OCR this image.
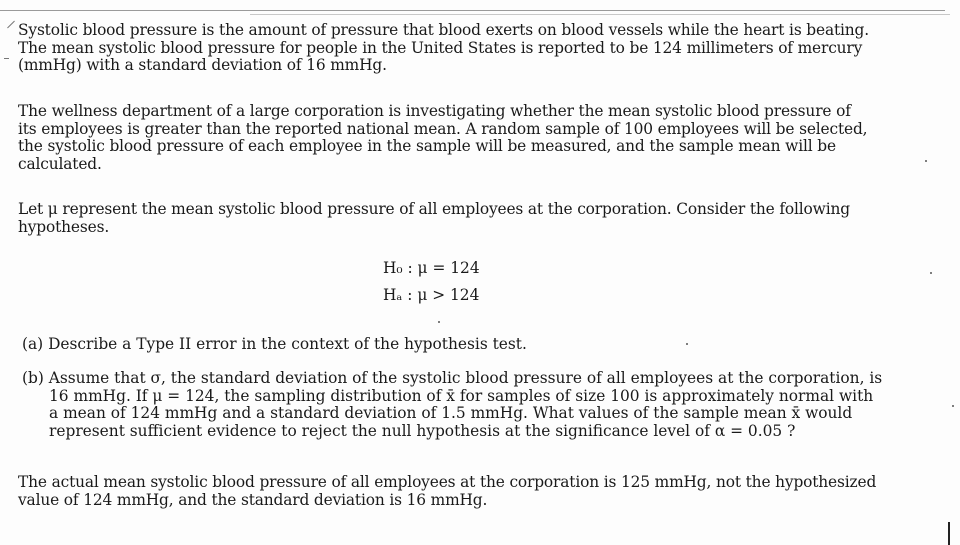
Systolic blood pressure is the amount of pressure that blood exerts on blood vessels while the heart is beating.
The mean systolic blood pressure for people in the United States is reported to be 124 millimeters of mercury
(mmHg) with a standard deviation of 16 mmHg.
The wellness department of a large corporation is investigating whether the mean systolic blood pressure of
its employees is greater than the reported national mean. A random sample of 100 employees will be selected,
the systolic blood pressure of each employee in the sample will be measured, and the sample mean will be
calculated.
Let μ represent the mean systolic blood pressure of all employees at the corporation. Consider the following
hypotheses.
H₀ : μ = 124
Hₐ : μ > 124
(a) Describe a Type II error in the context of the hypothesis test.
(b) Assume that σ, the standard deviation of the systolic blood pressure of all employees at the corporation, is
16 mmHg. If μ = 124, the sampling distribution of x̄ for samples of size 100 is approximately normal with
a mean of 124 mmHg and a standard deviation of 1.5 mmHg. What values of the sample mean x̄ would
represent sufficient evidence to reject the null hypothesis at the significance level of α = 0.05 ?
The actual mean systolic blood pressure of all employees at the corporation is 125 mmHg, not the hypothesized
value of 124 mmHg, and the standard deviation is 16 mmHg.
